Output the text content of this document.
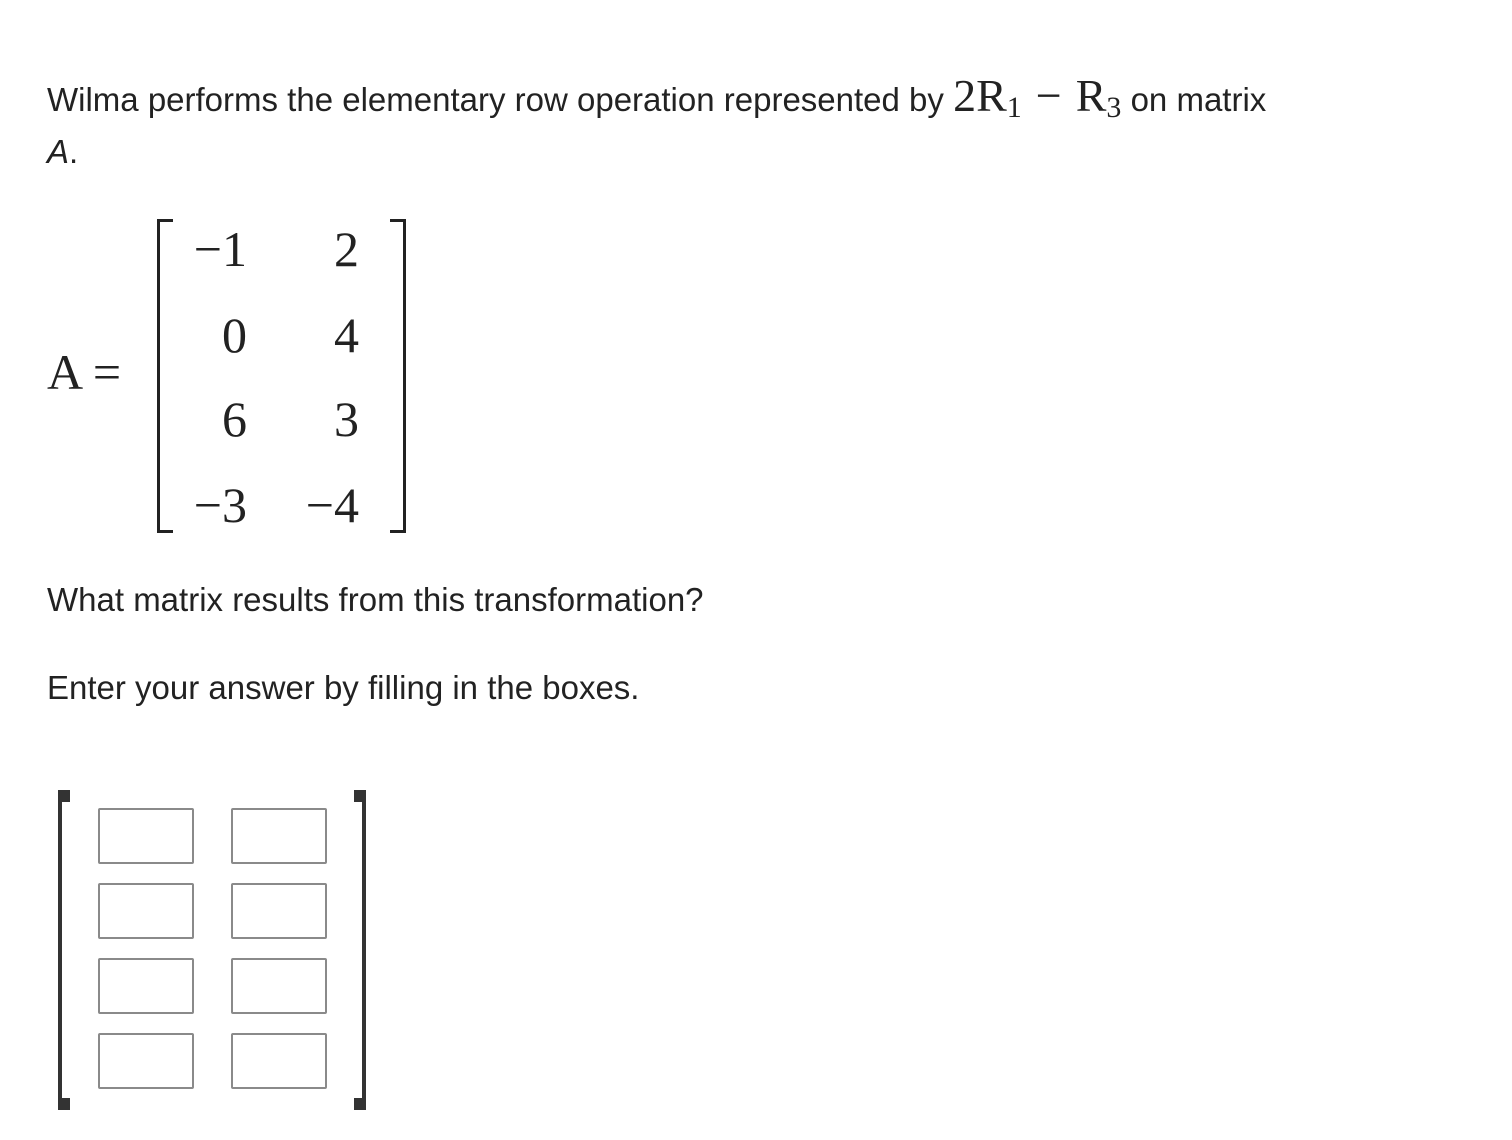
Wilma performs the elementary row operation represented by $2R_1 - R_3$ on matrix
A.
A =
−1	2
0	4
6	3
−3	−4
What matrix results from this transformation?
Enter your answer by filling in the boxes.
